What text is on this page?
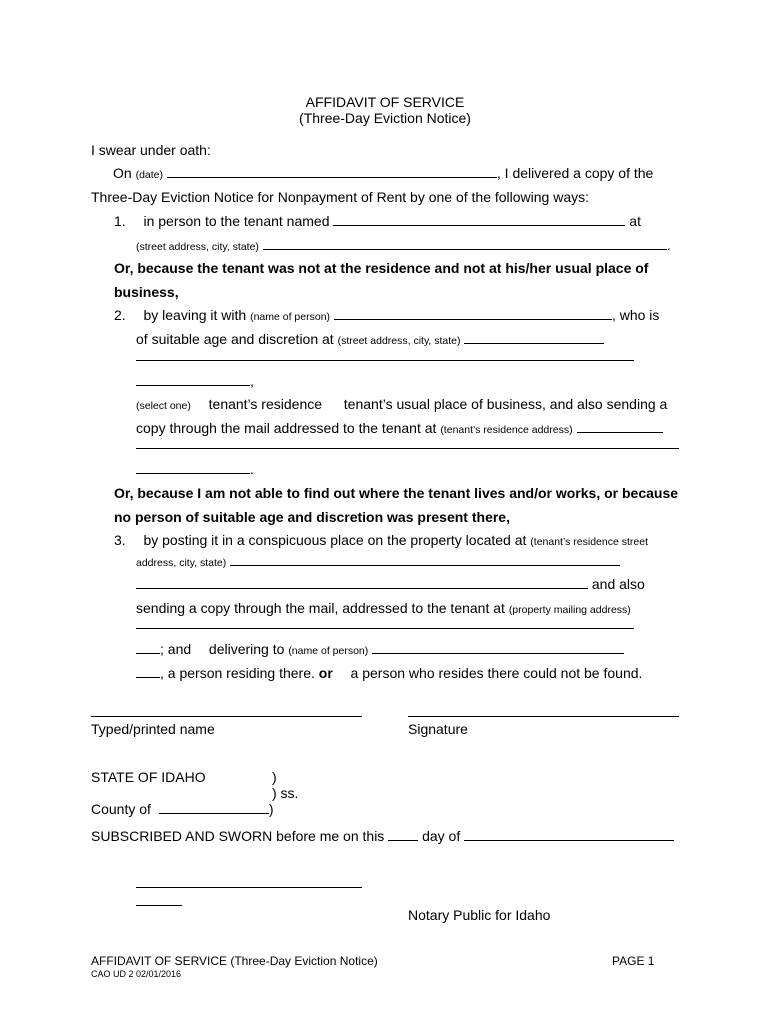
AFFIDAVIT OF SERVICE
(Three-Day Eviction Notice)
I swear under oath:
On (date)	, I delivered a copy of the
Three-Day Eviction Notice for Nonpayment of Rent by one of the following ways:
1. in person to the tenant named	at
(street address, city, state)	.
Or, because the tenant was not at the residence and not at his/her usual place of
business,
2. by leaving it with (name of person)	, who is
of suitable age and discretion at (street address, city, state)
,
(select one) tenant’s residence tenant’s usual place of business, and also sending a
copy through the mail addressed to the tenant at (tenant’s residence address)
.
Or, because I am not able to find out where the tenant lives and/or works, or because
no person of suitable age and discretion was present there,
3. by posting it in a conspicuous place on the property located at (tenant’s residence street
address, city, state)
and also
sending a copy through the mail, addressed to the tenant at (property mailing address)
; and delivering to (name of person)
, a person residing there. or a person who resides there could not be found.
Typed/printed name	Signature
STATE OF IDAHO	)
) ss.
County of	)
SUBSCRIBED AND SWORN before me on this	day of
Notary Public for Idaho
AFFIDAVIT OF SERVICE (Three-Day Eviction Notice)	PAGE 1
CAO UD 2 02/01/2016
